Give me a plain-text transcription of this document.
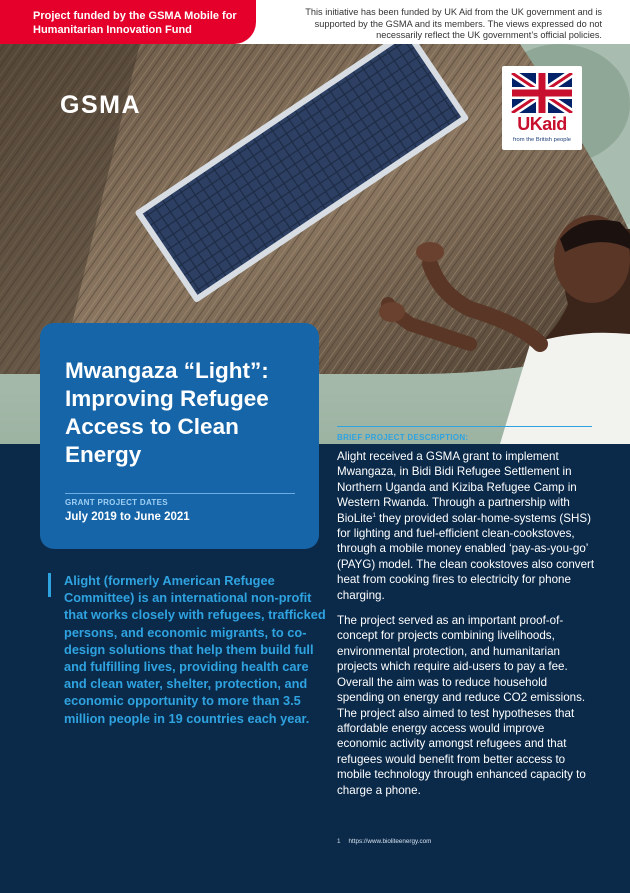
Project funded by the GSMA Mobile for Humanitarian Innovation Fund
This initiative has been funded by UK Aid from the UK government and is supported by the GSMA and its members. The views expressed do not necessarily reflect the UK government’s official policies.
GSMA
UKaid
from the British people
Mwangaza “Light”: Improving Refugee Access to Clean Energy
GRANT PROJECT DATES
July 2019 to June 2021

Alight (formerly American Refugee Committee) is an international non-profit that works closely with refugees, trafficked persons, and economic migrants, to co-design solutions that help them build full and fulfilling lives, providing health care and clean water, shelter, protection, and economic opportunity to more than 3.5 million people in 19 countries each year.

BRIEF PROJECT DESCRIPTION:

Alight received a GSMA grant to implement Mwangaza, in Bidi Bidi Refugee Settlement in Northern Uganda and Kiziba Refugee Camp in Western Rwanda. Through a partnership with BioLite$^1$ they provided solar-home-systems (SHS) for lighting and fuel-efficient clean-cookstoves, through a mobile money enabled ‘pay-as-you-go’ (PAYG) model. The clean cookstoves also convert heat from cooking fires to electricity for phone charging.

The project served as an important proof-of-concept for projects combining livelihoods, environmental protection, and humanitarian projects which require aid-users to pay a fee. Overall the aim was to reduce household spending on energy and reduce CO2 emissions. The project also aimed to test hypotheses that affordable energy access would improve economic activity amongst refugees and that refugees would benefit from better access to mobile technology through enhanced capacity to charge a phone.

1 https://www.bioliteenergy.com
